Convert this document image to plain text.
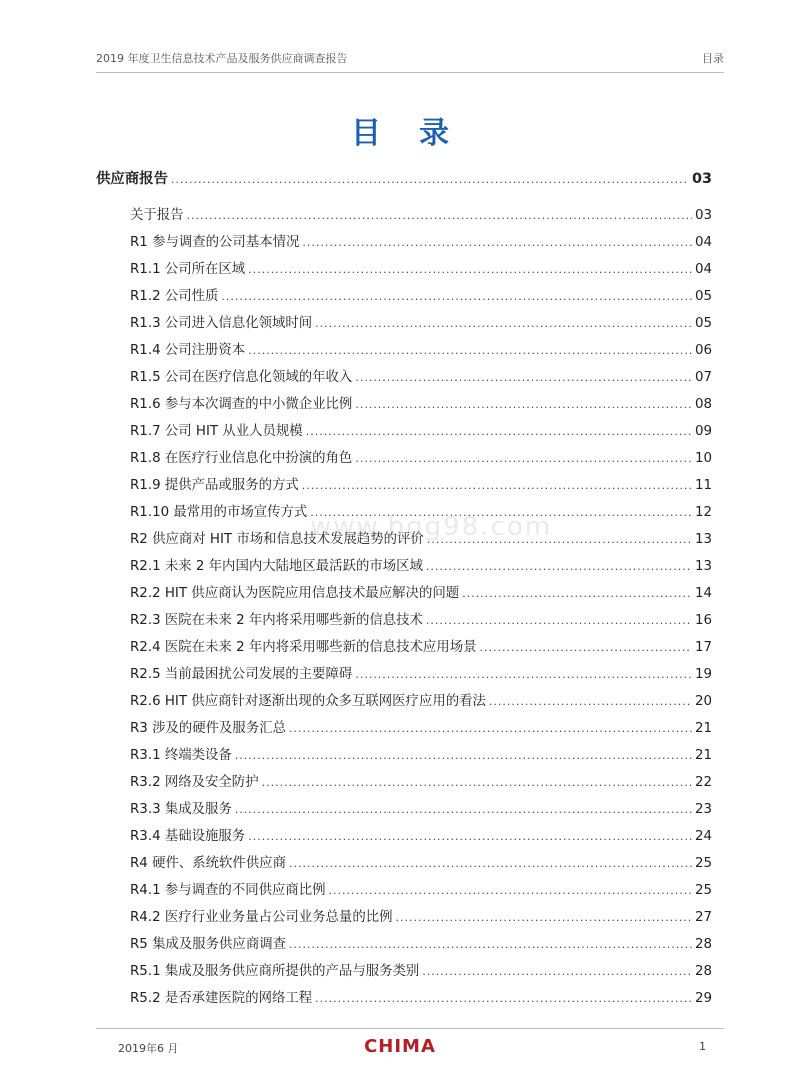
2019 年度卫生信息技术产品及服务供应商调查报告	目录
目录
供应商报告 .....	03
关于报告 .....	03
R1 参与调查的公司基本情况 .....	04
R1.1 公司所在区域 .....	04
R1.2 公司性质 .....	05
R1.3 公司进入信息化领域时间 .....	05
R1.4 公司注册资本 .....	06
R1.5 公司在医疗信息化领域的年收入 .....	07
R1.6 参与本次调查的中小微企业比例 .....	08
R1.7 公司 HIT 从业人员规模 .....	09
R1.8 在医疗行业信息化中扮演的角色 .....	10
R1.9 提供产品或服务的方式 .....	11
R1.10 最常用的市场宣传方式 .....	12
R2 供应商对 HIT 市场和信息技术发展趋势的评价 .....	13
R2.1 未来 2 年内国内大陆地区最活跃的市场区域 .....	13
R2.2 HIT 供应商认为医院应用信息技术最应解决的问题 .....	14
R2.3 医院在未来 2 年内将采用哪些新的信息技术 .....	16
R2.4 医院在未来 2 年内将采用哪些新的信息技术应用场景 .....	17
R2.5 当前最困扰公司发展的主要障碍 .....	19
R2.6 HIT 供应商针对逐渐出现的众多互联网医疗应用的看法 .....	20
R3 涉及的硬件及服务汇总 .....	21
R3.1 终端类设备 .....	21
R3.2 网络及安全防护 .....	22
R3.3 集成及服务 .....	23
R3.4 基础设施服务 .....	24
R4 硬件、系统软件供应商 .....	25
R4.1 参与调查的不同供应商比例 .....	25
R4.2 医疗行业业务量占公司业务总量的比例 .....	27
R5 集成及服务供应商调查 .....	28
R5.1 集成及服务供应商所提供的产品与服务类别 .....	28
R5.2 是否承建医院的网络工程 .....	29
www.bgg98.com
2019年6 月	CHIMA	1
